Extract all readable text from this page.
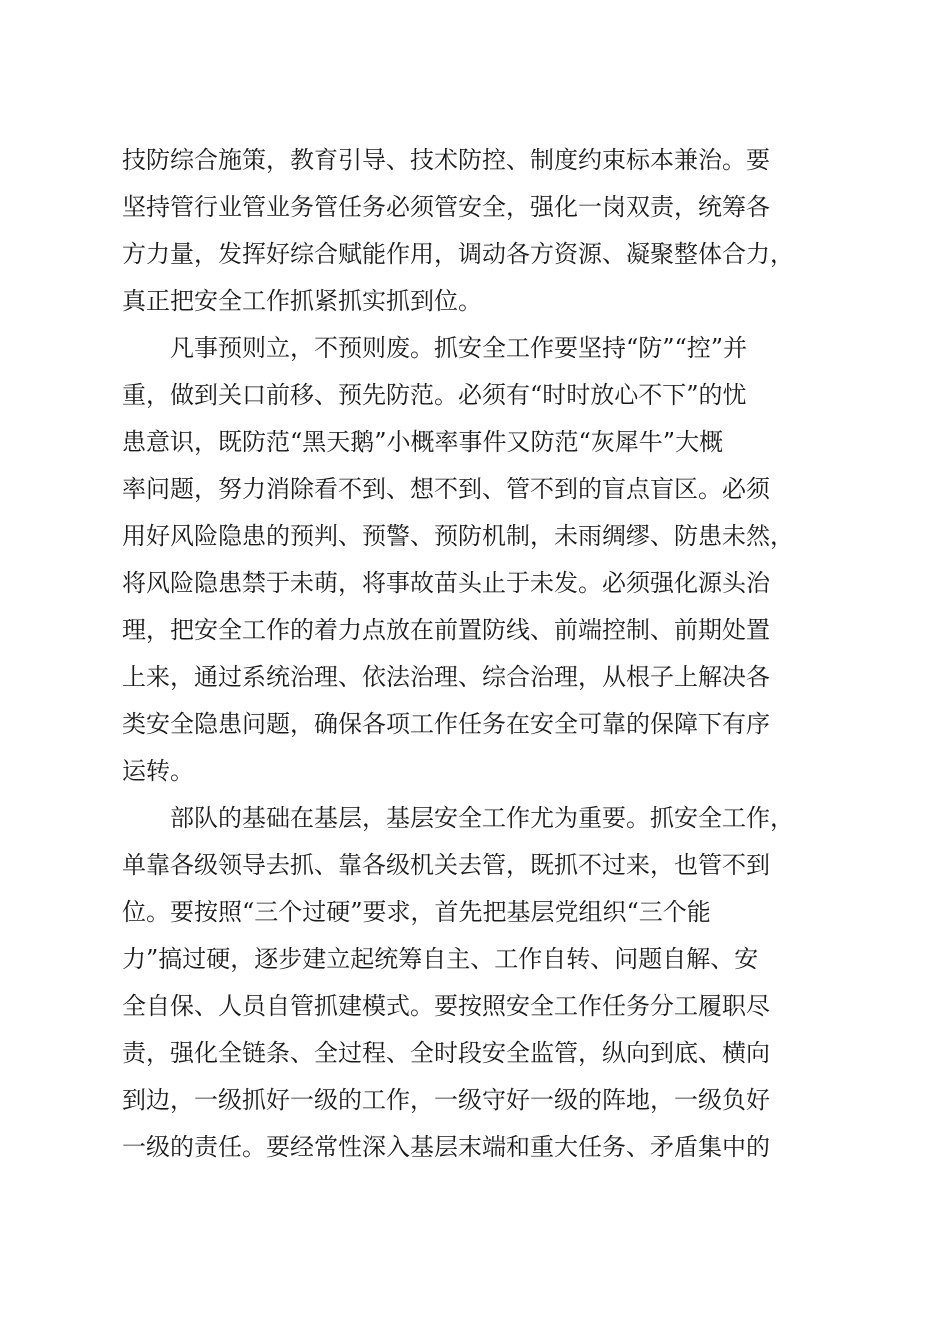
技防综合施策，教育引导、技术防控、制度约束标本兼治。要
坚持管行业管业务管任务必须管安全，强化一岗双责，统筹各
方力量，发挥好综合赋能作用，调动各方资源、凝聚整体合力，
真正把安全工作抓紧抓实抓到位。
凡事预则立，不预则废。抓安全工作要坚持“防”“控”并
重，做到关口前移、预先防范。必须有“时时放心不下”的忧
患意识，既防范“黑天鹅”小概率事件又防范“灰犀牛”大概
率问题，努力消除看不到、想不到、管不到的盲点盲区。必须
用好风险隐患的预判、预警、预防机制，未雨绸缪、防患未然，
将风险隐患禁于未萌，将事故苗头止于未发。必须强化源头治
理，把安全工作的着力点放在前置防线、前端控制、前期处置
上来，通过系统治理、依法治理、综合治理，从根子上解决各
类安全隐患问题，确保各项工作任务在安全可靠的保障下有序
运转。
部队的基础在基层，基层安全工作尤为重要。抓安全工作，
单靠各级领导去抓、靠各级机关去管，既抓不过来，也管不到
位。要按照“三个过硬”要求，首先把基层党组织“三个能
力”搞过硬，逐步建立起统筹自主、工作自转、问题自解、安
全自保、人员自管抓建模式。要按照安全工作任务分工履职尽
责，强化全链条、全过程、全时段安全监管，纵向到底、横向
到边，一级抓好一级的工作，一级守好一级的阵地，一级负好
一级的责任。要经常性深入基层末端和重大任务、矛盾集中的
